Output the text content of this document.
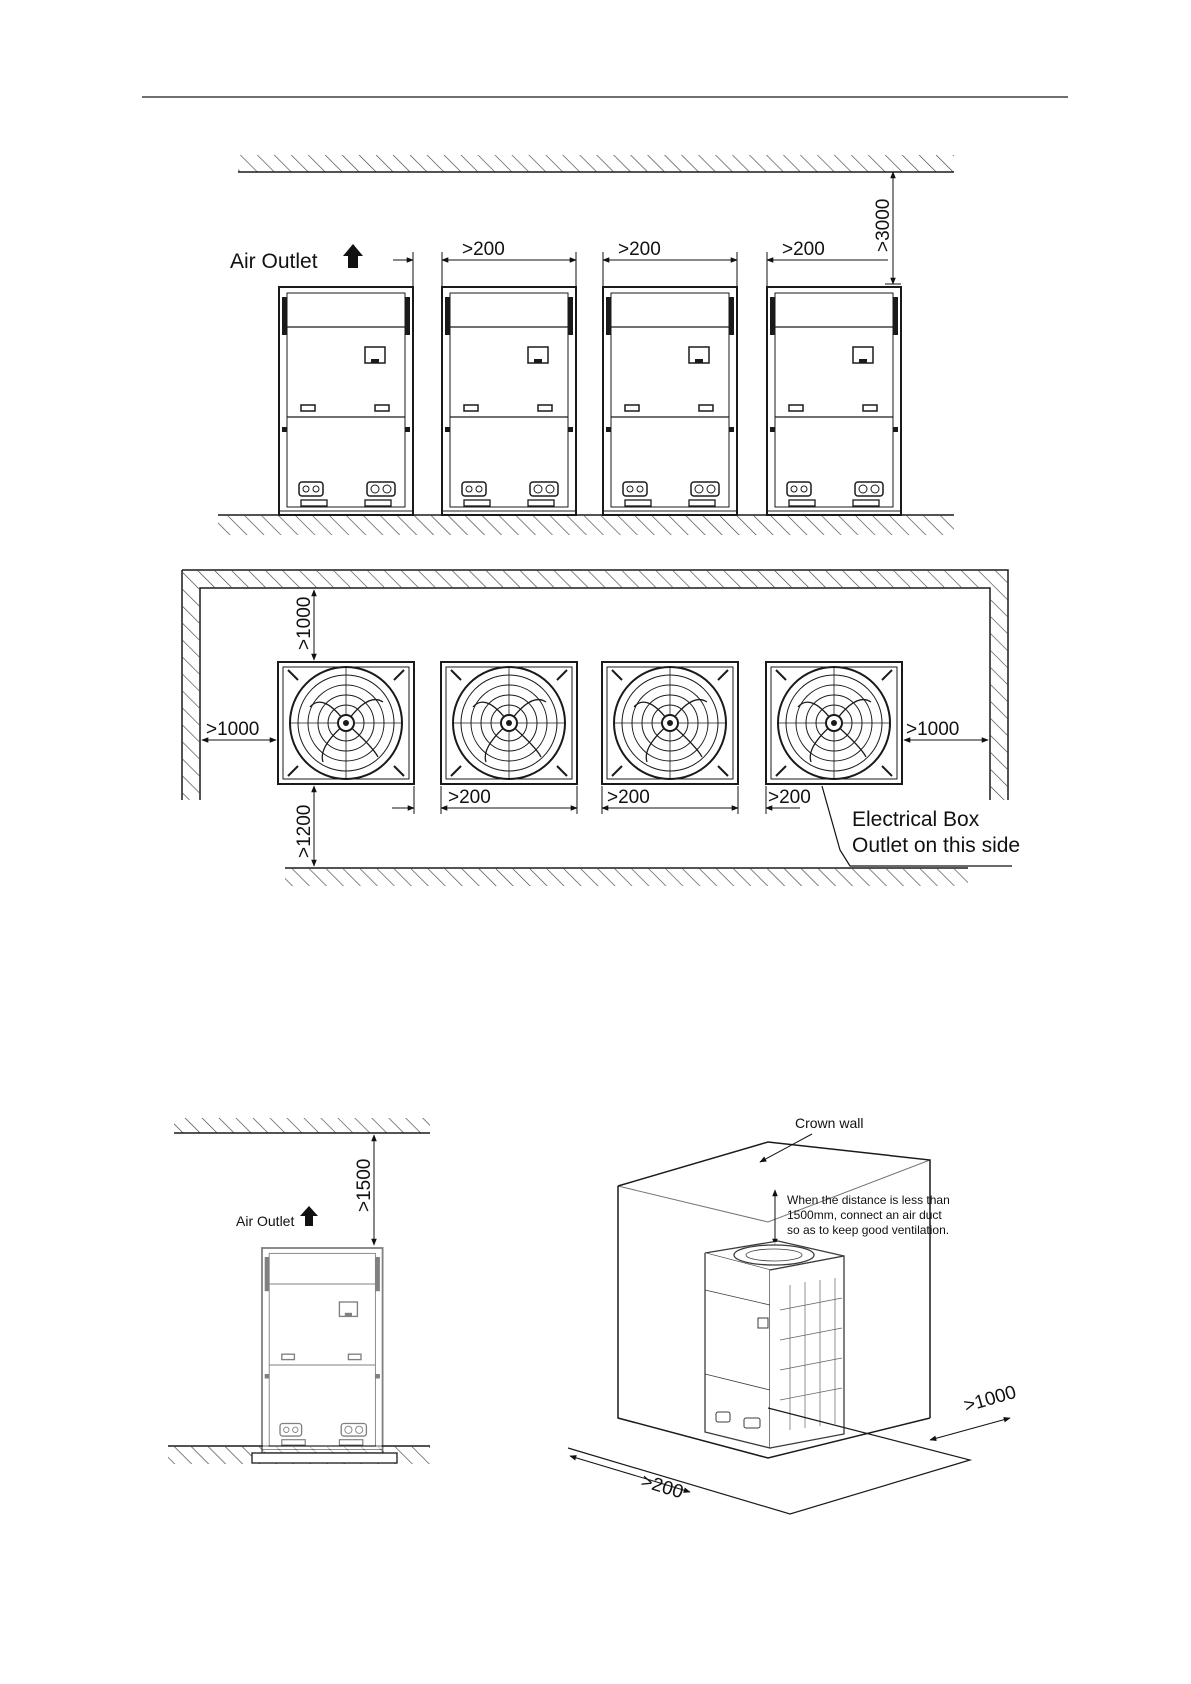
Air Outlet
>200	>200	>200	>3000
>1000
>1000	>1000
>1200
>200	>200	>200
Electrical Box
Outlet on this side
Air Outlet
>1500
Crown wall
When the distance is less than
1500mm, connect an air duct
so as to keep good ventilation.
>200
>1000
